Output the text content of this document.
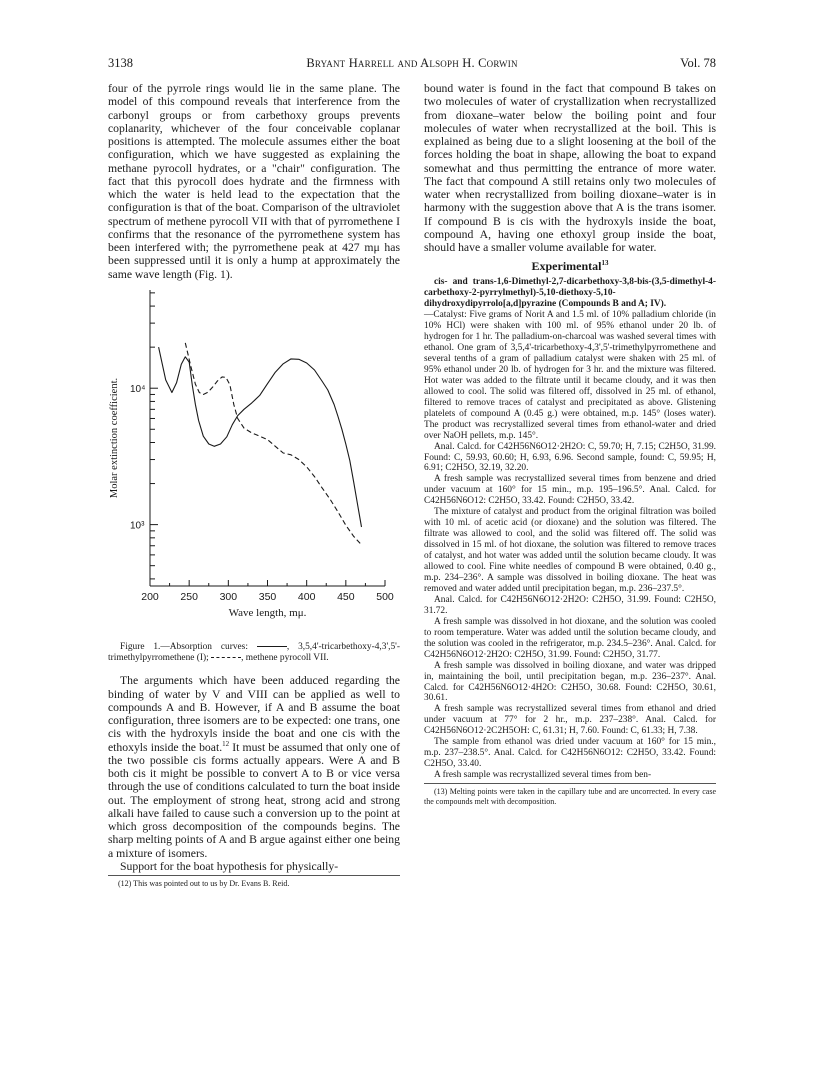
3138	Bryant Harrell and Alsoph H. Corwin	Vol. 78

four of the pyrrole rings would lie in the same plane. The model of this compound reveals that interference from the carbonyl groups or from carbethoxy groups prevents coplanarity, whichever of the four conceivable coplanar positions is attempted. The molecule assumes either the boat configuration, which we have suggested as explaining the methane pyrocoll hydrates, or a "chair" configuration. The fact that this pyrocoll does hydrate and the firmness with which the water is held lead to the expectation that the configuration is that of the boat. Comparison of the ultraviolet spectrum of methene pyrocoll VII with that of pyrromethene I confirms that the resonance of the pyrromethene system has been interfered with; the pyrromethene peak at 427 mμ has been suppressed until it is only a hump at approximately the same wave length (Fig. 1).

200 250 300 350 400 450 500
10³
10⁴
Molar extinction coefficient.
Wave length, mμ.

Figure 1.—Absorption curves:	, 3,5,4'-tricarbethoxy-4,3',5'-trimethylpyrromethene (I);	, methene pyrocoll VII.

The arguments which have been adduced regarding the binding of water by V and VIII can be applied as well to compounds A and B. However, if A and B assume the boat configuration, three isomers are to be expected: one trans, one cis with the hydroxyls inside the boat and one cis with the ethoxyls inside the boat.$^{12}$ It must be assumed that only one of the two possible cis forms actually appears. Were A and B both cis it might be possible to convert A to B or vice versa through the use of conditions calculated to turn the boat inside out. The employment of strong heat, strong acid and strong alkali have failed to cause such a conversion up to the point at which gross decomposition of the compounds begins. The sharp melting points of A and B argue against either one being a mixture of isomers.

Support for the boat hypothesis for physically-

(12) This was pointed out to us by Dr. Evans B. Reid.

bound water is found in the fact that compound B takes on two molecules of water of crystallization when recrystallized from dioxane–water below the boiling point and four molecules of water when recrystallized at the boil. This is explained as being due to a slight loosening at the boil of the forces holding the boat in shape, allowing the boat to expand somewhat and thus permitting the entrance of more water. The fact that compound A still retains only two molecules of water when recrystallized from boiling dioxane–water is in harmony with the suggestion above that A is the trans isomer. If compound B is cis with the hydroxyls inside the boat, compound A, having one ethoxyl group inside the boat, should have a smaller volume available for water.

Experimental$^{13}$

cis- and trans-1,6-Dimethyl-2,7-dicarbethoxy-3,8-bis-(3,5-dimethyl-4-carbethoxy-2-pyrrylmethyl)-5,10-diethoxy-5,10-dihydroxydipyrrolo[a,d]pyrazine (Compounds B and A; IV).

—Catalyst: Five grams of Norit A and 1.5 ml. of 10% palladium chloride (in 10% HCl) were shaken with 100 ml. of 95% ethanol under 20 lb. of hydrogen for 1 hr. The palladium-on-charcoal was washed several times with ethanol. One gram of 3,5,4'-tricarbethoxy-4,3',5'-trimethylpyrromethene and several tenths of a gram of palladium catalyst were shaken with 25 ml. of 95% ethanol under 20 lb. of hydrogen for 3 hr. and the mixture was filtered. Hot water was added to the filtrate until it became cloudy, and it was then allowed to cool. The solid was filtered off, dissolved in 25 ml. of ethanol, filtered to remove traces of catalyst and precipitated as above. Glistening platelets of compound A (0.45 g.) were obtained, m.p. 145° (loses water). The product was recrystallized several times from ethanol-water and dried over NaOH pellets, m.p. 145°.

Anal. Calcd. for C42H56N6O12·2H2O: C, 59.70; H, 7.15; C2H5O, 31.99. Found: C, 59.93, 60.60; H, 6.93, 6.96. Second sample, found: C, 59.95; H, 6.91; C2H5O, 32.19, 32.20.

A fresh sample was recrystallized several times from benzene and dried under vacuum at 160° for 15 min., m.p. 195–196.5°. Anal. Calcd. for C42H56N6O12: C2H5O, 33.42. Found: C2H5O, 33.42.

The mixture of catalyst and product from the original filtration was boiled with 10 ml. of acetic acid (or dioxane) and the solution was filtered. The filtrate was allowed to cool, and the solid was filtered off. The solid was dissolved in 15 ml. of hot dioxane, the solution was filtered to remove traces of catalyst, and hot water was added until the solution became cloudy. It was allowed to cool. Fine white needles of compound B were obtained, 0.40 g., m.p. 234–236°. A sample was dissolved in boiling dioxane. The heat was removed and water added until precipitation began, m.p. 236–237.5°.

Anal. Calcd. for C42H56N6O12·2H2O: C2H5O, 31.99. Found: C2H5O, 31.72.

A fresh sample was dissolved in hot dioxane, and the solution was cooled to room temperature. Water was added until the solution became cloudy, and the solution was cooled in the refrigerator, m.p. 234.5–236°. Anal. Calcd. for C42H56N6O12·2H2O: C2H5O, 31.99. Found: C2H5O, 31.77.

A fresh sample was dissolved in boiling dioxane, and water was dripped in, maintaining the boil, until precipitation began, m.p. 236–237°. Anal. Calcd. for C42H56N6O12·4H2O: C2H5O, 30.68. Found: C2H5O, 30.61, 30.61.

A fresh sample was recrystallized several times from ethanol and dried under vacuum at 77° for 2 hr., m.p. 237–238°. Anal. Calcd. for C42H56N6O12·2C2H5OH: C, 61.31; H, 7.60. Found: C, 61.33; H, 7.38.

The sample from ethanol was dried under vacuum at 160° for 15 min., m.p. 237–238.5°. Anal. Calcd. for C42H56N6O12: C2H5O, 33.42. Found: C2H5O, 33.40.

A fresh sample was recrystallized several times from ben-

(13) Melting points were taken in the capillary tube and are uncorrected. In every case the compounds melt with decomposition.
